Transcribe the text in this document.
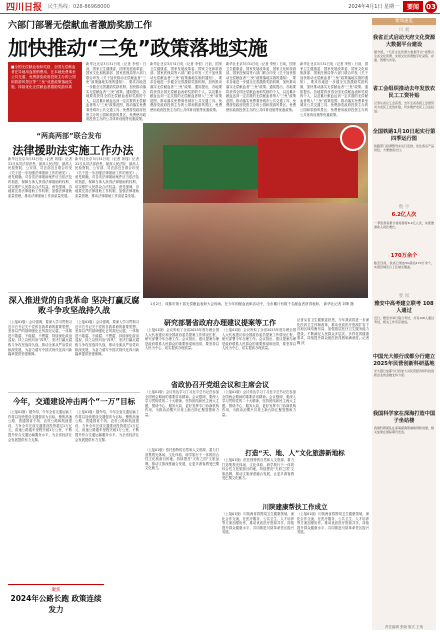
四川日报 民生热线：028-86968000	2024年4月1日 星期一	要闻	03
六部门部署无偿献血者激励奖励工作
加快推动“三免”政策落地实施
■全国无偿献血表彰奖励、全国无偿献血者在异地用血报销费用，在本地免费乘坐公共交通、免费游览政府投资主办的公园和旅游风景区等“三免”优惠政策落地实施，持续优化无偿献血者激励奖励体系
新华社北京3月31日电（记者 李恒）日前，国家卫生健康委、国家发展改革委、国家文化和旅游部、国家医保局等六部门联合印发《关于加快推动无偿献血者“三免”政策落地实施的通知》，要求各地进一步健全完善激励奖励机制，加快推动落实无偿献血者“三免”政策。通知提出，各地要将获得全国无偿献血表彰奖励的个人，以及累计献血达到一定次数的无偿献血者纳入“三免”政策范围，推动落实免费乘坐城市公共交通工具、免费游览政府投资主办的公园和旅游风景区、免费使用政府投资主办的公共体育设施等优惠政策。
新华社北京3月31日电（记者 李恒）日前，国家卫生健康委、国家发展改革委、国家文化和旅游部、国家医保局等六部门联合印发《关于加快推动无偿献血者“三免”政策落地实施的通知》，要求各地进一步健全完善激励奖励机制，加快推动落实无偿献血者“三免”政策。通知提出，各地要将获得全国无偿献血表彰奖励的个人，以及累计献血达到一定次数的无偿献血者纳入“三免”政策范围，推动落实免费乘坐城市公共交通工具、免费游览政府投资主办的公园和旅游风景区、免费使用政府投资主办的公共体育设施等优惠政策。
新华社北京3月31日电（记者 李恒）日前，国家卫生健康委、国家发展改革委、国家文化和旅游部、国家医保局等六部门联合印发《关于加快推动无偿献血者“三免”政策落地实施的通知》，要求各地进一步健全完善激励奖励机制，加快推动落实无偿献血者“三免”政策。通知提出，各地要将获得全国无偿献血表彰奖励的个人，以及累计献血达到一定次数的无偿献血者纳入“三免”政策范围，推动落实免费乘坐城市公共交通工具、免费游览政府投资主办的公园和旅游风景区、免费使用政府投资主办的公共体育设施等优惠政策。
新华社北京3月31日电（记者 李恒）日前，国家卫生健康委、国家发展改革委、国家文化和旅游部、国家医保局等六部门联合印发《关于加快推动无偿献血者“三免”政策落地实施的通知》，要求各地进一步健全完善激励奖励机制，加快推动落实无偿献血者“三免”政策。通知提出，各地要将获得全国无偿献血表彰奖励的个人，以及累计献血达到一定次数的无偿献血者纳入“三免”政策范围，推动落实免费乘坐城市公共交通工具、免费游览政府投资主办的公园和旅游风景区、免费使用政府投资主办的公共体育设施等优惠政策。
“两高两部”联合发布
法律援助法实施工作办法
新华社北京3月31日电（记者 刘翔）记者31日从司法部获悉，最高人民法院、最高人民检察院、公安部、司法部近日联合印发《关于进一步加强法律援助工作的意见》。意见明确，对各类法律援助案件应当依法及时指派，保障当事人获得法律援助的权利，切实维护人民群众合法权益。意见强调，各地要完善法律援助工作机制，加强法律援助质量管理，推动法律援助工作高质量发展。
新华社北京3月31日电（记者 刘翔）记者31日从司法部获悉，最高人民法院、最高人民检察院、公安部、司法部近日联合印发《关于进一步加强法律援助工作的意见》。意见明确，对各类法律援助案件应当依法及时指派，保障当事人获得法律援助的权利，切实维护人民群众合法权益。意见强调，各地要完善法律援助工作机制，加强法律援助质量管理，推动法律援助工作高质量发展。
1月2日，成都市第十届无偿献血表彰大会现场。在今年的献血表彰活动中，全市累计有数千名献血者获得表彰。 新华社记者 刘坤 摄
深入推进党的自我革命 坚决打赢反腐败斗争攻坚战持久战
（上接01版）会议强调，要深入学习贯彻习近平总书记关于党的自我革命的重要思想，坚持以严的基调强化正风肃纪反腐，一体推进不敢腐、不能腐、不想腐，持续深化政治巡视，持之以恒纠治“四风”，坚决打赢反腐败斗争攻坚战持久战，推动全面从严治党向纵深发展，为奋力谱写中国式现代化四川新篇章提供坚强保障。
（上接01版）会议强调，要深入学习贯彻习近平总书记关于党的自我革命的重要思想，坚持以严的基调强化正风肃纪反腐，一体推进不敢腐、不能腐、不想腐，持续深化政治巡视，持之以恒纠治“四风”，坚决打赢反腐败斗争攻坚战持久战，推动全面从严治党向纵深发展，为奋力谱写中国式现代化四川新篇章提供坚强保障。
今年，交通建设冲击两个“一万”目标
（上接01版）据介绍，今年全省交通运输工作将以加快建设交通强省为目标，聚焦高速公路、普通国省干线、农村公路和航道建设，力争全年完成交通建设投资超过1万亿元，高速公路通车里程突破1万公里，不断提升综合交通运输服务水平，为全省经济社会发展提供有力支撑。
（上接01版）据介绍，今年全省交通运输工作将以加快建设交通强省为目标，聚焦高速公路、普通国省干线、农村公路和航道建设，力争全年完成交通建设投资超过1万亿元，高速公路通车里程突破1万公里，不断提升综合交通运输服务水平，为全省经济社会发展提供有力支撑。
聚焦
2024年公路长跑 政策连续发力
研究部署省政府办理建议提案等工作
（上接01版）会议听取了全省2023年度办理全国人大代表建议和全国政协委员提案工作情况汇报，研究部署今年办理工作。会议指出，建议提案办理是政府联系人民群众的重要桥梁和纽带，要坚持以人民为中心，切实提高办理质量。
（上接01版）会议听取了全省2023年度办理全国人大代表建议和全国政协委员提案工作情况汇报，研究部署今年办理工作。会议指出，建议提案办理是政府联系人民群众的重要桥梁和纽带，要坚持以人民为中心，切实提高办理质量。
省政协召开党组会议和主席会议
（上接01版）会议传达学习了习近平总书记在参加全国两会期间的重要讲话精神。会议强调，要深入学习贯彻党的二十大精神，坚持团结和民主两大主题，围绕中心、服务大局，更好发挥专门协商机构作用，为推动治蜀兴川再上新台阶汇聚智慧和力量。
（上接01版）会议传达学习了习近平总书记在参加全国两会期间的重要讲话精神。会议强调，要深入学习贯彻党的二十大精神，坚持团结和民主两大主题，围绕中心、服务大局，更好发挥专门协商机构作用，为推动治蜀兴川再上新台阶汇聚智慧和力量。
打造“天、地、人”文化旅游新地标
（上接01版）依托独特的自然和人文资源，着力打造集观光休闲、文化体验、研学旅行于一体的综合性文化旅游目的地，持续擦亮“天府之国”文旅品牌，推动文旅深度融合发展，让更多游客感受巴蜀文化魅力。
（上接01版）依托独特的自然和人文资源，着力打造集观光休闲、文化体验、研学旅行于一体的综合性文化旅游目的地，持续擦亮“天府之国”文旅品牌，推动文旅深度融合发展，让更多游客感受巴蜀文化魅力。
川陕建康帮扶工作成立
（上接01版）川陕两省将围绕卫生健康领域，深化合作交流，在医疗服务、公共卫生、人才培养等方面加强协作，推动优质医疗资源共享，持续提升群众健康水平，共同推进川陕革命老区振兴发展。
（上接01版）川陕两省将围绕卫生健康领域，深化合作交流，在医疗服务、公共卫生、人才培养等方面加强协作，推动优质医疗资源共享，持续提升群众健康水平，共同推进川陕革命老区振兴发展。
记者从省卫生健康委获悉，今年我省将进一步深化医药卫生体制改革，推动优质医疗资源扩容下沉和区域均衡布局，加强基层医疗卫生服务能力建设，不断满足人民群众多层次、多样化的健康需求，持续提升群众就医获得感和满意度。记者 鞠 欣
要闻速览
川 观
我省正式启动天府文化资源大数据平台建设
据介绍，“天府文化资源大数据平台”将整合全省文化资源，实现文化资源数字化采集、存储、管理与共享。
省工会组织推动去年发放农民工工资补贴
记者从省总工会获悉，去年全省各级工会组织共为农民工发放补贴，切实维护农民工合法权益。
全国铁路1月10日起实行第四季运行图
铁路部门将调整列车运行安排，优化客运产品供给，方便旅客出行。
数 字
6.2亿人次
一季度我省累计接待游客6.2亿人次，实现旅游收入同比增长。
170万余个
截至目前，我省已建成5G基站170万余个，实现县城及以上区域全覆盖。
要 闻
雅安中高考建立联考 108人通过
近日，雅安市举行联合考试，共有108人通过考试，相关工作有序推进。
中国光大银行成都分行建立2025年民营创新科研基地
光大银行成都分行将加大对民营经济和科技创新企业的金融支持力度。
我国科学家在深海打造中国子坐站楼
我国科研团队在深海探测领域取得新进展，相关成果在国际期刊发表。
责任编辑 张晓 版式 王爽
